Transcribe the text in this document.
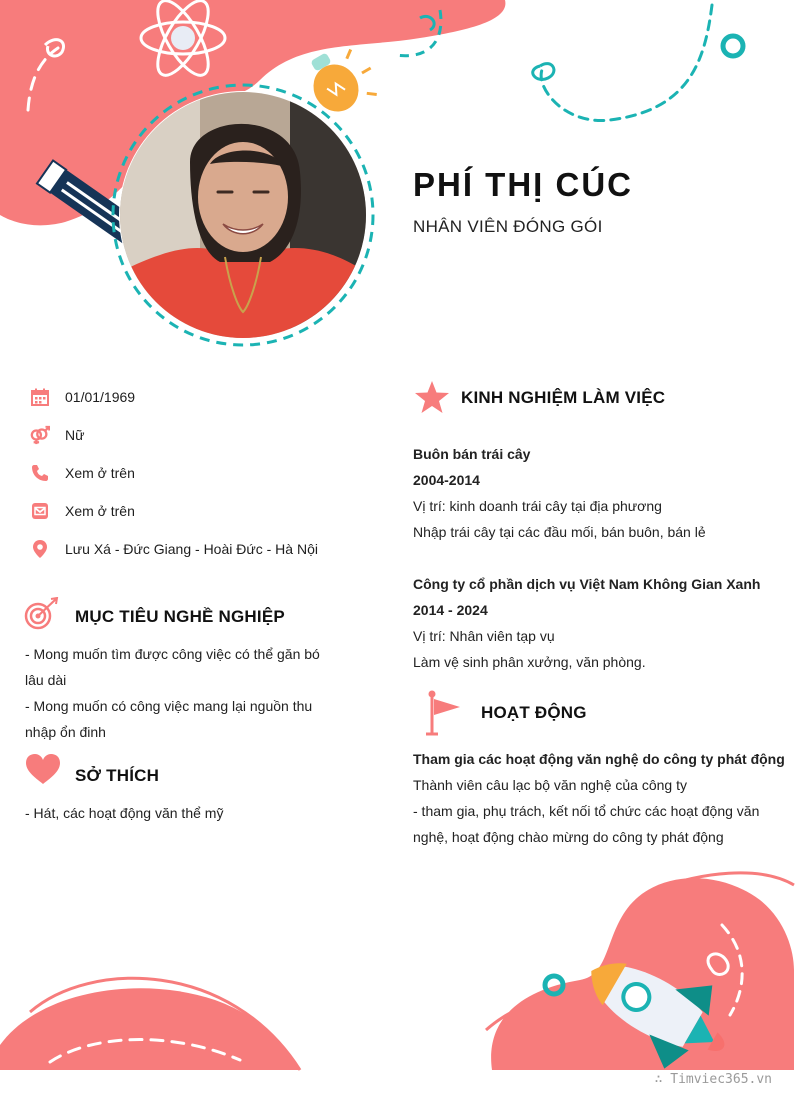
PHÍ THỊ CÚC
NHÂN VIÊN ĐÓNG GÓI
01/01/1969
Nữ
Xem ở trên
Xem ở trên
Lưu Xá - Đức Giang - Hoài Đức - Hà Nội
MỤC TIÊU NGHỀ NGHIỆP
- Mong muốn tìm được công việc có thể găn bó
lâu dài
- Mong muốn có công việc mang lại nguồn thu
nhập ổn đinh
SỞ THÍCH
- Hát, các hoạt động văn thể mỹ
KINH NGHIỆM LÀM VIỆC
Buôn bán trái cây
2004-2014
Vị trí: kinh doanh trái cây tại địa phương
Nhập trái cây tại các đầu mối, bán buôn, bán lẻ
Công ty cổ phần dịch vụ Việt Nam Không Gian Xanh
2014 - 2024
Vị trí: Nhân viên tạp vụ
Làm vệ sinh phân xưởng, văn phòng.
HOẠT ĐỘNG
Tham gia các hoạt động văn nghệ do công ty phát động
Thành viên câu lạc bộ văn nghệ của công ty
- tham gia, phụ trách, kết nối tổ chức các hoạt động văn
nghệ, hoạt động chào mừng do công ty phát động
∴ Timviec365.vn
